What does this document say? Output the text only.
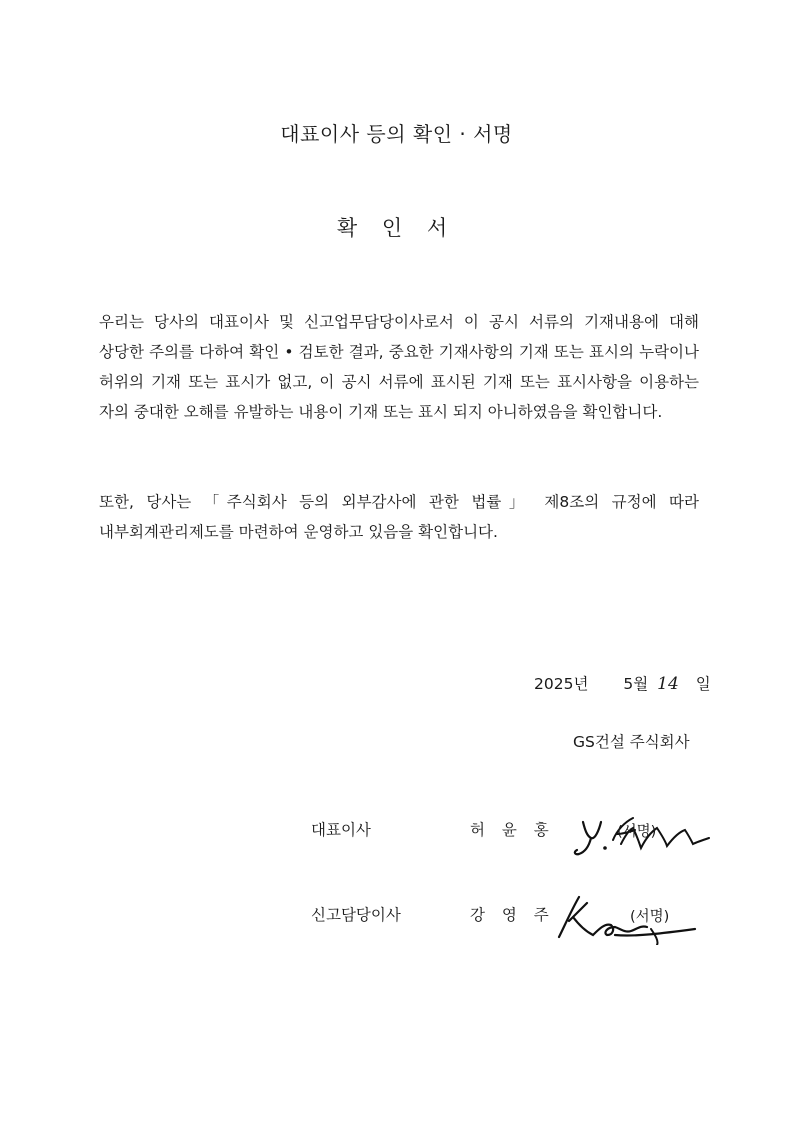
대표이사 등의 확인 · 서명
확 인 서

우리는 당사의 대표이사 및 신고업무담당이사로서 이 공시 서류의 기재내용에 대해 상당한 주의를 다하여 확인 • 검토한 결과, 중요한 기재사항의 기재 또는 표시의 누락이나 허위의 기재 또는 표시가 없고, 이 공시 서류에 표시된 기재 또는 표시사항을 이용하는 자의 중대한 오해를 유발하는 내용이 기재 또는 표시 되지 아니하였음을 확인합니다.

또한, 당사는 「주식회사 등의 외부감사에 관한 법률」 제8조의 규정에 따라 내부회계관리제도를 마련하여 운영하고 있음을 확인합니다.

2025년 5월 14 일
GS건설 주식회사
대표이사	허 윤 홍	(서명)
신고담당이사	강 영 주	(서명)
